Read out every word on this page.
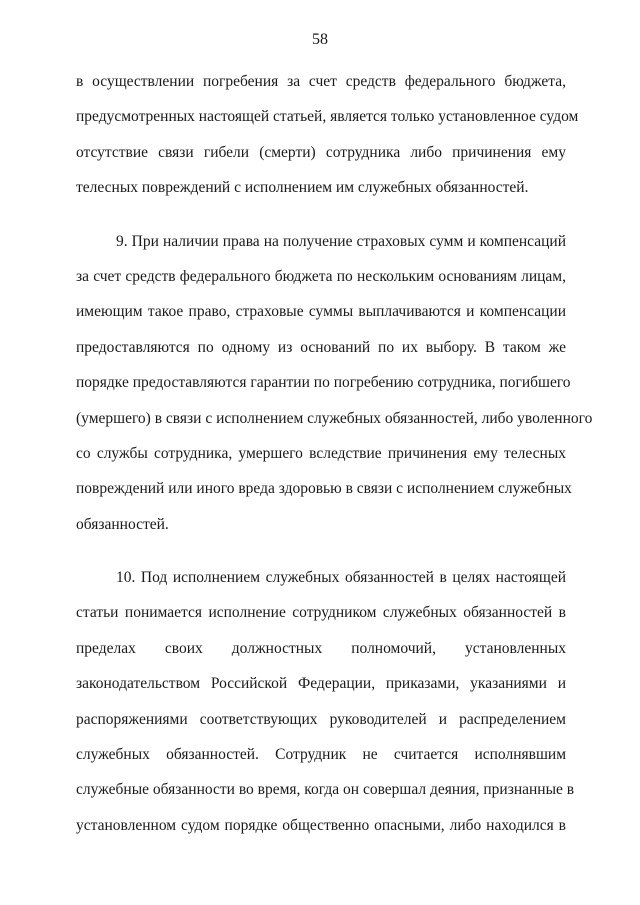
58
в осуществлении погребения за счет средств федерального бюджета,
предусмотренных настоящей статьей, является только установленное судом
отсутствие связи гибели (смерти) сотрудника либо причинения ему
телесных повреждений с исполнением им служебных обязанностей.
9. При наличии права на получение страховых сумм и компенсаций
за счет средств федерального бюджета по нескольким основаниям лицам,
имеющим такое право, страховые суммы выплачиваются и компенсации
предоставляются по одному из оснований по их выбору. В таком же
порядке предоставляются гарантии по погребению сотрудника, погибшего
(умершего) в связи с исполнением служебных обязанностей, либо уволенного
со службы сотрудника, умершего вследствие причинения ему телесных
повреждений или иного вреда здоровью в связи с исполнением служебных
обязанностей.
10. Под исполнением служебных обязанностей в целях настоящей
статьи понимается исполнение сотрудником служебных обязанностей в
пределах своих должностных полномочий, установленных
законодательством Российской Федерации, приказами, указаниями и
распоряжениями соответствующих руководителей и распределением
служебных обязанностей. Сотрудник не считается исполнявшим
служебные обязанности во время, когда он совершал деяния, признанные в
установленном судом порядке общественно опасными, либо находился в
